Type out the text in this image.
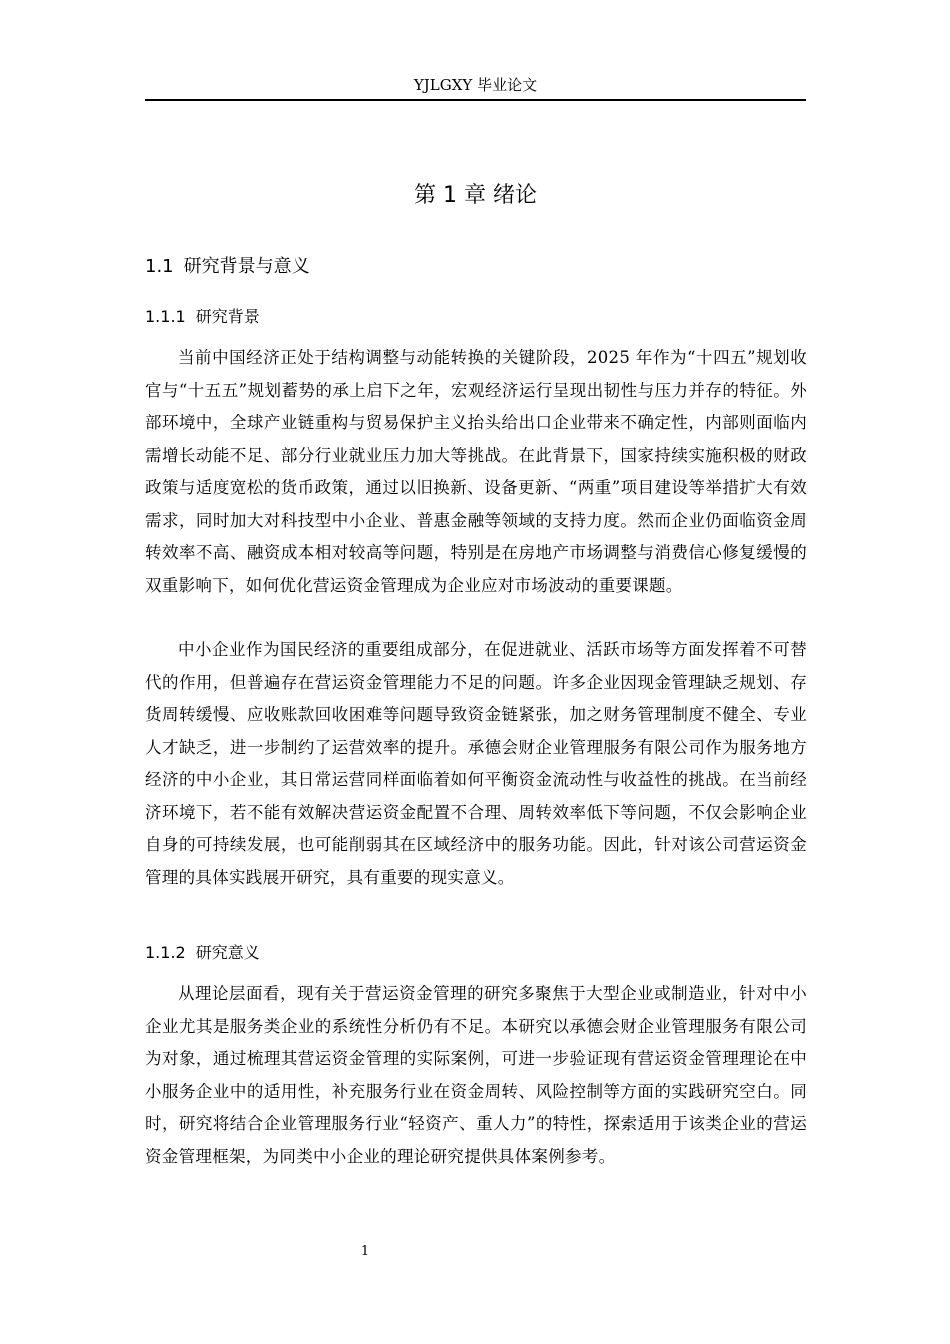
YJLGXY 毕业论文
第 1 章 绪论
1.1 研究背景与意义
1.1.1 研究背景

当前中国经济正处于结构调整与动能转换的关键阶段，2025 年作为“十四五”规划收官与“十五五”规划蓄势的承上启下之年，宏观经济运行呈现出韧性与压力并存的特征。外部环境中，全球产业链重构与贸易保护主义抬头给出口企业带来不确定性，内部则面临内需增长动能不足、部分行业就业压力加大等挑战。在此背景下，国家持续实施积极的财政政策与适度宽松的货币政策，通过以旧换新、设备更新、“两重”项目建设等举措扩大有效需求，同时加大对科技型中小企业、普惠金融等领域的支持力度。然而企业仍面临资金周转效率不高、融资成本相对较高等问题，特别是在房地产市场调整与消费信心修复缓慢的双重影响下，如何优化营运资金管理成为企业应对市场波动的重要课题。

中小企业作为国民经济的重要组成部分，在促进就业、活跃市场等方面发挥着不可替代的作用，但普遍存在营运资金管理能力不足的问题。许多企业因现金管理缺乏规划、存货周转缓慢、应收账款回收困难等问题导致资金链紧张，加之财务管理制度不健全、专业人才缺乏，进一步制约了运营效率的提升。承德会财企业管理服务有限公司作为服务地方经济的中小企业，其日常运营同样面临着如何平衡资金流动性与收益性的挑战。在当前经济环境下，若不能有效解决营运资金配置不合理、周转效率低下等问题，不仅会影响企业自身的可持续发展，也可能削弱其在区域经济中的服务功能。因此，针对该公司营运资金管理的具体实践展开研究，具有重要的现实意义。

1.1.2 研究意义

从理论层面看，现有关于营运资金管理的研究多聚焦于大型企业或制造业，针对中小企业尤其是服务类企业的系统性分析仍有不足。本研究以承德会财企业管理服务有限公司为对象，通过梳理其营运资金管理的实际案例，可进一步验证现有营运资金管理理论在中小服务企业中的适用性，补充服务行业在资金周转、风险控制等方面的实践研究空白。同时，研究将结合企业管理服务行业“轻资产、重人力”的特性，探索适用于该类企业的营运资金管理框架，为同类中小企业的理论研究提供具体案例参考。

1
